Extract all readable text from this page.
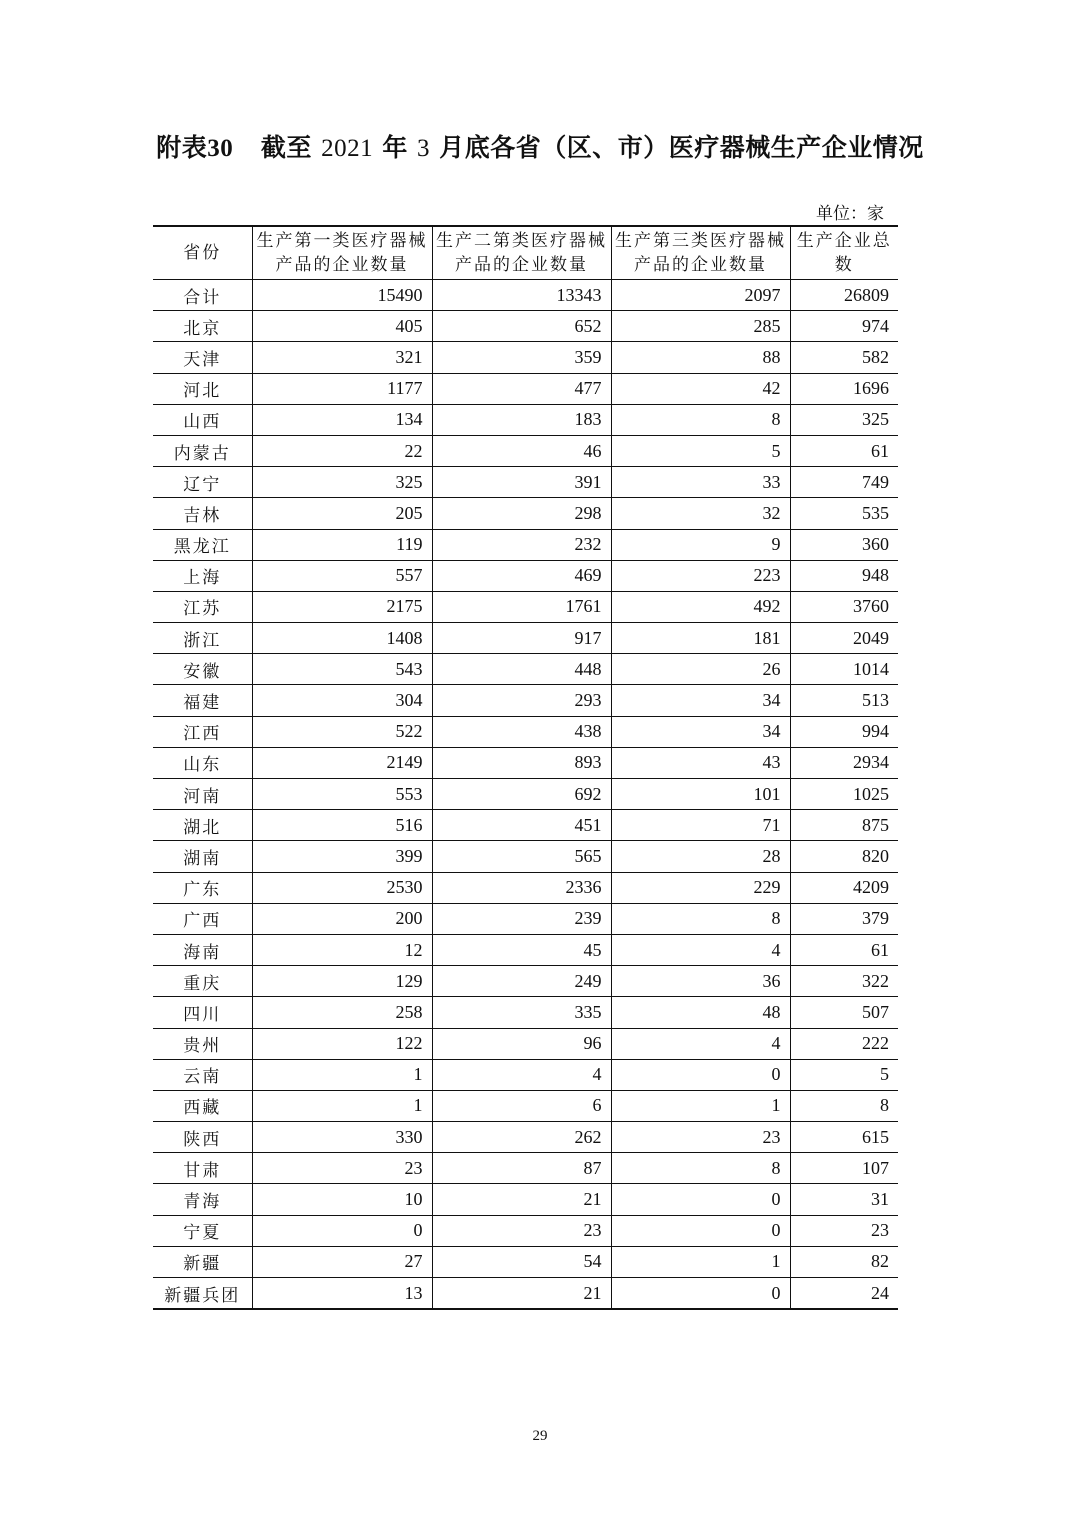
附表30 截至 2021 年 3 月底各省（区、市）医疗器械生产企业情况
单位：家
省份	生产第一类医疗器械产品的企业数量	生产二第类医疗器械产品的企业数量	生产第三类医疗器械产品的企业数量	生产企业总数
合计	15490	13343	2097	26809
北京	405	652	285	974
天津	321	359	88	582
河北	1177	477	42	1696
山西	134	183	8	325
内蒙古	22	46	5	61
辽宁	325	391	33	749
吉林	205	298	32	535
黑龙江	119	232	9	360
上海	557	469	223	948
江苏	2175	1761	492	3760
浙江	1408	917	181	2049
安徽	543	448	26	1014
福建	304	293	34	513
江西	522	438	34	994
山东	2149	893	43	2934
河南	553	692	101	1025
湖北	516	451	71	875
湖南	399	565	28	820
广东	2530	2336	229	4209
广西	200	239	8	379
海南	12	45	4	61
重庆	129	249	36	322
四川	258	335	48	507
贵州	122	96	4	222
云南	1	4	0	5
西藏	1	6	1	8
陕西	330	262	23	615
甘肃	23	87	8	107
青海	10	21	0	31
宁夏	0	23	0	23
新疆	27	54	1	82
新疆兵团	13	21	0	24
29
